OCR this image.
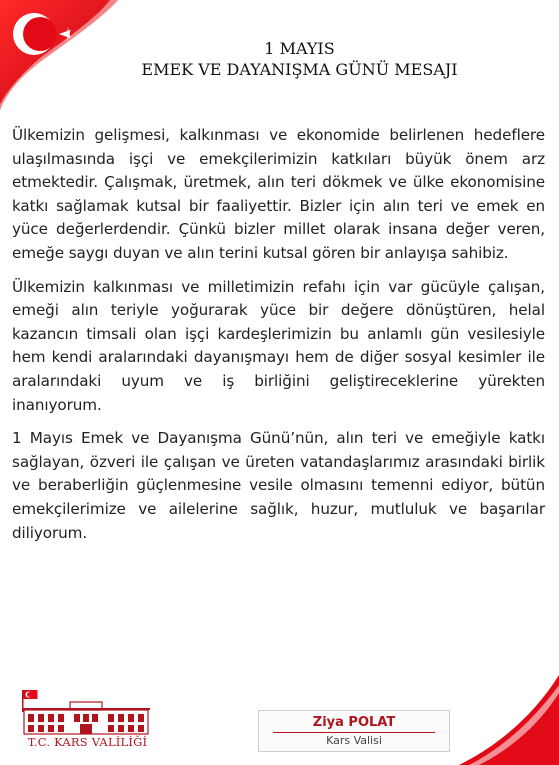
1 MAYIS
EMEK VE DAYANIŞMA GÜNÜ MESAJI

Ülkemizin gelişmesi, kalkınması ve ekonomide belirlenen hedeflere ulaşılmasında işçi ve emekçilerimizin katkıları büyük önem arz etmektedir. Çalışmak, üretmek, alın teri dökmek ve ülke ekonomisine katkı sağlamak kutsal bir faaliyettir. Bizler için alın teri ve emek en yüce değerlerdendir. Çünkü bizler millet olarak insana değer veren, emeğe saygı duyan ve alın terini kutsal gören bir anlayışa sahibiz.

Ülkemizin kalkınması ve milletimizin refahı için var gücüyle çalışan, emeği alın teriyle yoğurarak yüce bir değere dönüştüren, helal kazancın timsali olan işçi kardeşlerimizin bu anlamlı gün vesilesiyle hem kendi aralarındaki dayanışmayı hem de diğer sosyal kesimler ile aralarındaki uyum ve iş birliğini geliştireceklerine yürekten inanıyorum.

1 Mayıs Emek ve Dayanışma Günü’nün, alın teri ve emeğiyle katkı sağlayan, özveri ile çalışan ve üreten vatandaşlarımız arasındaki birlik ve beraberliğin güçlenmesine vesile olmasını temenni ediyor, bütün emekçilerimize ve ailelerine sağlık, huzur, mutluluk ve başarılar diliyorum.

T.C. KARS VALİLİĞİ
Ziya POLAT
Kars Valisi
